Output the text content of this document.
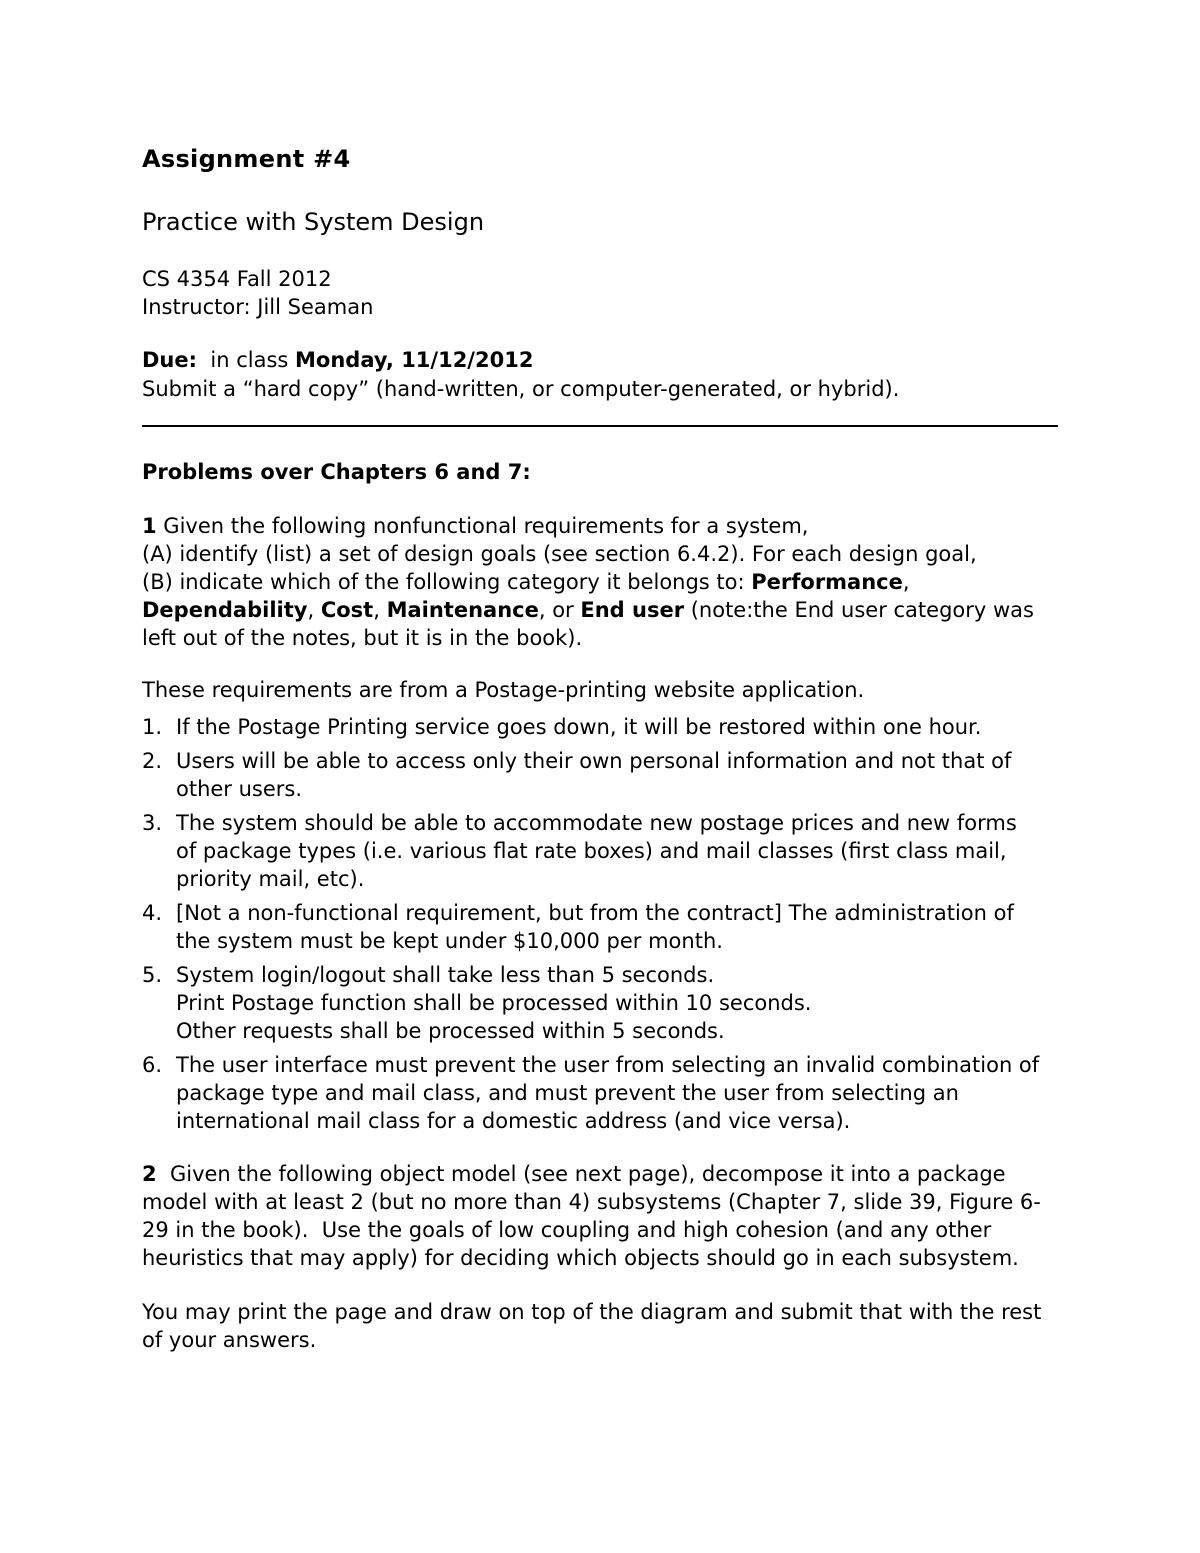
Assignment #4
Practice with System Design
CS 4354 Fall 2012
Instructor: Jill Seaman
Due:  in class Monday, 11/12/2012
Submit a “hard copy” (hand-written, or computer-generated, or hybrid).
Problems over Chapters 6 and 7:

1 Given the following nonfunctional requirements for a system,

(A) identify (list) a set of design goals (see section 6.4.2). For each design goal,

(B) indicate which of the following category it belongs to: Performance, Dependability, Cost, Maintenance, or End user (note:the End user category was left out of the notes, but it is in the book).

These requirements are from a Postage-printing website application.
1. If the Postage Printing service goes down, it will be restored within one hour.
2. Users will be able to access only their own personal information and not that of other users.
3. The system should be able to accommodate new postage prices and new forms of package types (i.e. various flat rate boxes) and mail classes (first class mail, priority mail, etc).
4. [Not a non-functional requirement, but from the contract] The administration of the system must be kept under $10,000 per month.
5. System login/logout shall take less than 5 seconds.
Print Postage function shall be processed within 10 seconds.
Other requests shall be processed within 5 seconds.
6. The user interface must prevent the user from selecting an invalid combination of package type and mail class, and must prevent the user from selecting an international mail class for a domestic address (and vice versa).

2  Given the following object model (see next page), decompose it into a package model with at least 2 (but no more than 4) subsystems (Chapter 7, slide 39, Figure 6-29 in the book).  Use the goals of low coupling and high cohesion (and any other heuristics that may apply) for deciding which objects should go in each subsystem.

You may print the page and draw on top of the diagram and submit that with the rest of your answers.
